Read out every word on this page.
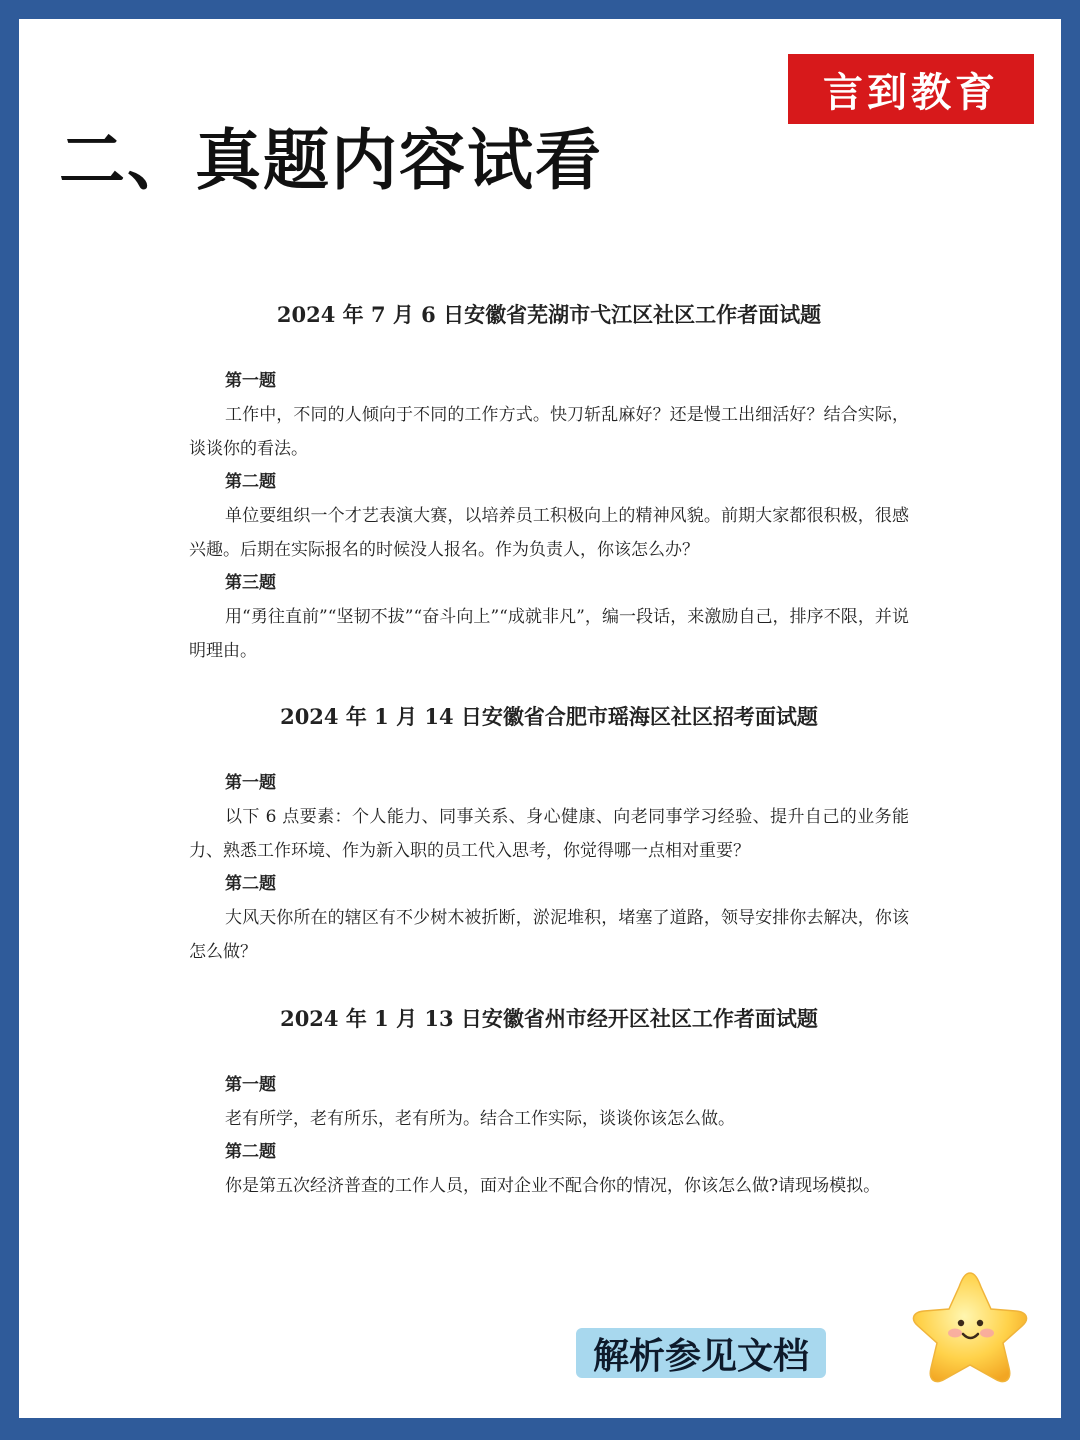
言到教育
二、真题内容试看
2024 年 7 月 6 日安徽省芜湖市弋江区社区工作者面试题
第一题

工作中，不同的人倾向于不同的工作方式。快刀斩乱麻好？还是慢工出细活好？结合实际，谈谈你的看法。

第二题

单位要组织一个才艺表演大赛，以培养员工积极向上的精神风貌。前期大家都很积极，很感兴趣。后期在实际报名的时候没人报名。作为负责人，你该怎么办？

第三题

用“勇往直前”“坚韧不拔”“奋斗向上”“成就非凡”，编一段话，来激励自己，排序不限，并说明理由。

2024 年 1 月 14 日安徽省合肥市瑶海区社区招考面试题
第一题

以下 6 点要素：个人能力、同事关系、身心健康、向老同事学习经验、提升自己的业务能力、熟悉工作环境、作为新入职的员工代入思考，你觉得哪一点相对重要？

第二题

大风天你所在的辖区有不少树木被折断，淤泥堆积，堵塞了道路，领导安排你去解决，你该怎么做？

2024 年 1 月 13 日安徽省州市经开区社区工作者面试题
第一题

老有所学，老有所乐，老有所为。结合工作实际，谈谈你该怎么做。

第二题

你是第五次经济普查的工作人员，面对企业不配合你的情况，你该怎么做?请现场模拟。

解析参见文档
